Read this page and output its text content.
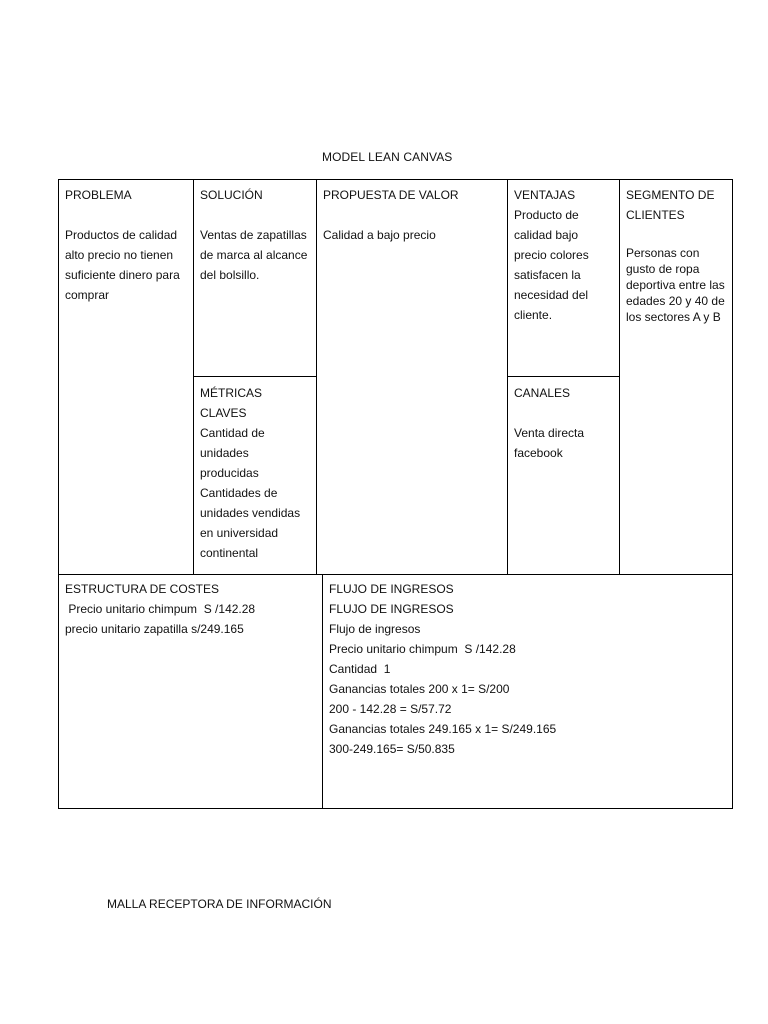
MODEL LEAN CANVAS
PROBLEMA
Productos de calidad alto precio no tienen suficiente dinero para comprar
SOLUCIÓN
Ventas de zapatillas de marca al alcance del bolsillo.
MÉTRICAS CLAVES
Cantidad de unidades producidas Cantidades de unidades vendidas en universidad continental
PROPUESTA DE VALOR
Calidad a bajo precio
VENTAJAS
Producto de calidad bajo precio colores satisfacen la necesidad del cliente.
CANALES
Venta directa facebook
SEGMENTO DE CLIENTES
Personas con gusto de ropa deportiva entre las edades 20 y 40 de los sectores A y B
ESTRUCTURA DE COSTES
Precio unitario chimpum  S /142.28
precio unitario zapatilla s/249.165
FLUJO DE INGRESOS
FLUJO DE INGRESOS
Flujo de ingresos
Precio unitario chimpum  S /142.28
Cantidad  1
Ganancias totales 200 x 1= S/200
200 - 142.28 = S/57.72
Ganancias totales 249.165 x 1= S/249.165
300-249.165= S/50.835
MALLA RECEPTORA DE INFORMACIÓN
